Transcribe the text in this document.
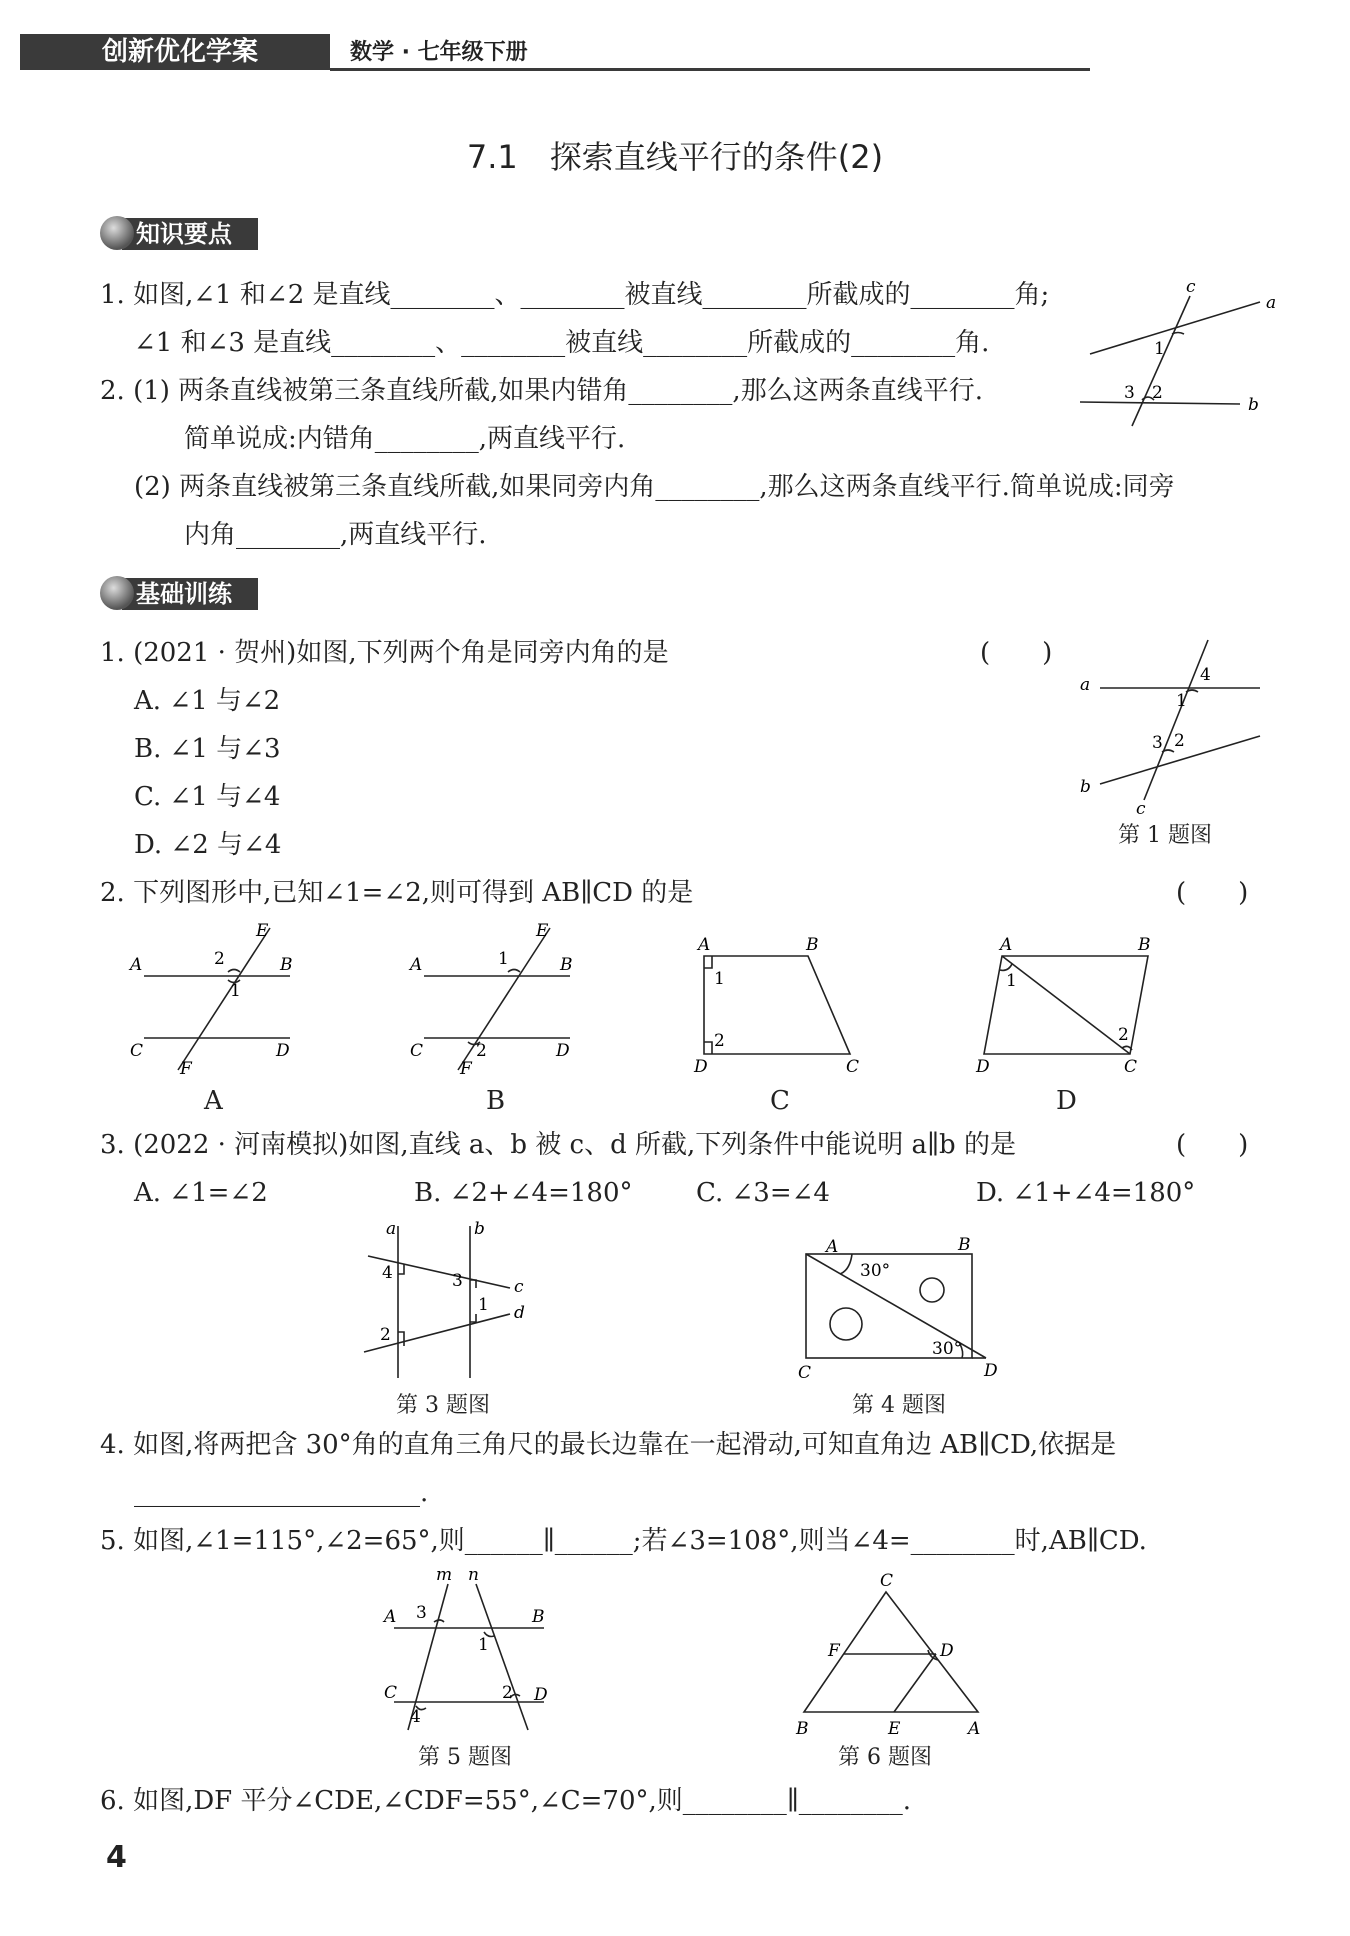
创新优化学案	数学 · 七年级下册
7.1　探索直线平行的条件(2)
知识要点
1. 如图,∠1 和∠2 是直线________、________被直线________所截成的________角;
∠1 和∠3 是直线________、________被直线________所截成的________角.
2. (1) 两条直线被第三条直线所截,如果内错角________,那么这两条直线平行.
简单说成:内错角________,两直线平行.
(2) 两条直线被第三条直线所截,如果同旁内角________,那么这两条直线平行.简单说成:同旁
内角________,两直线平行.
c
a
b
1
3 2
基础训练
1. (2021 · 贺州)如图,下列两个角是同旁内角的是	(　　)
A. ∠1 与∠2
B. ∠1 与∠3
C. ∠1 与∠4
D. ∠2 与∠4
a
b
c
4
1
3 2
第 1 题图
2. 下列图形中,已知∠1=∠2,则可得到 AB∥CD 的是	(　　)
A	B
C	D
E
F
2
1
A
A	B
C	D
E
F
1
2
B
A	B
D	C
1
2
C
A	B
D	C
1
2
D
3. (2022 · 河南模拟)如图,直线 a、b 被 c、d 所截,下列条件中能说明 a∥b 的是	(　　)
A. ∠1=∠2	B. ∠2+∠4=180° C. ∠3=∠4	D. ∠1+∠4=180°
a	b
c
d
4	3
1
2
第 3 题图
A	B
C	D
30°
30°
第 4 题图
4. 如图,将两把含 30°角的直角三角尺的最长边靠在一起滑动,可知直角边 AB∥CD,依据是
______________________.
5. 如图,∠1=115°,∠2=65°,则______∥______;若∠3=108°,则当∠4=________时,AB∥CD.
m n
A	B
C	D
3
1
2
4
第 5 题图
C
F	D
B	E	A
第 6 题图
6. 如图,DF 平分∠CDE,∠CDF=55°,∠C=70°,则________∥________.
4
